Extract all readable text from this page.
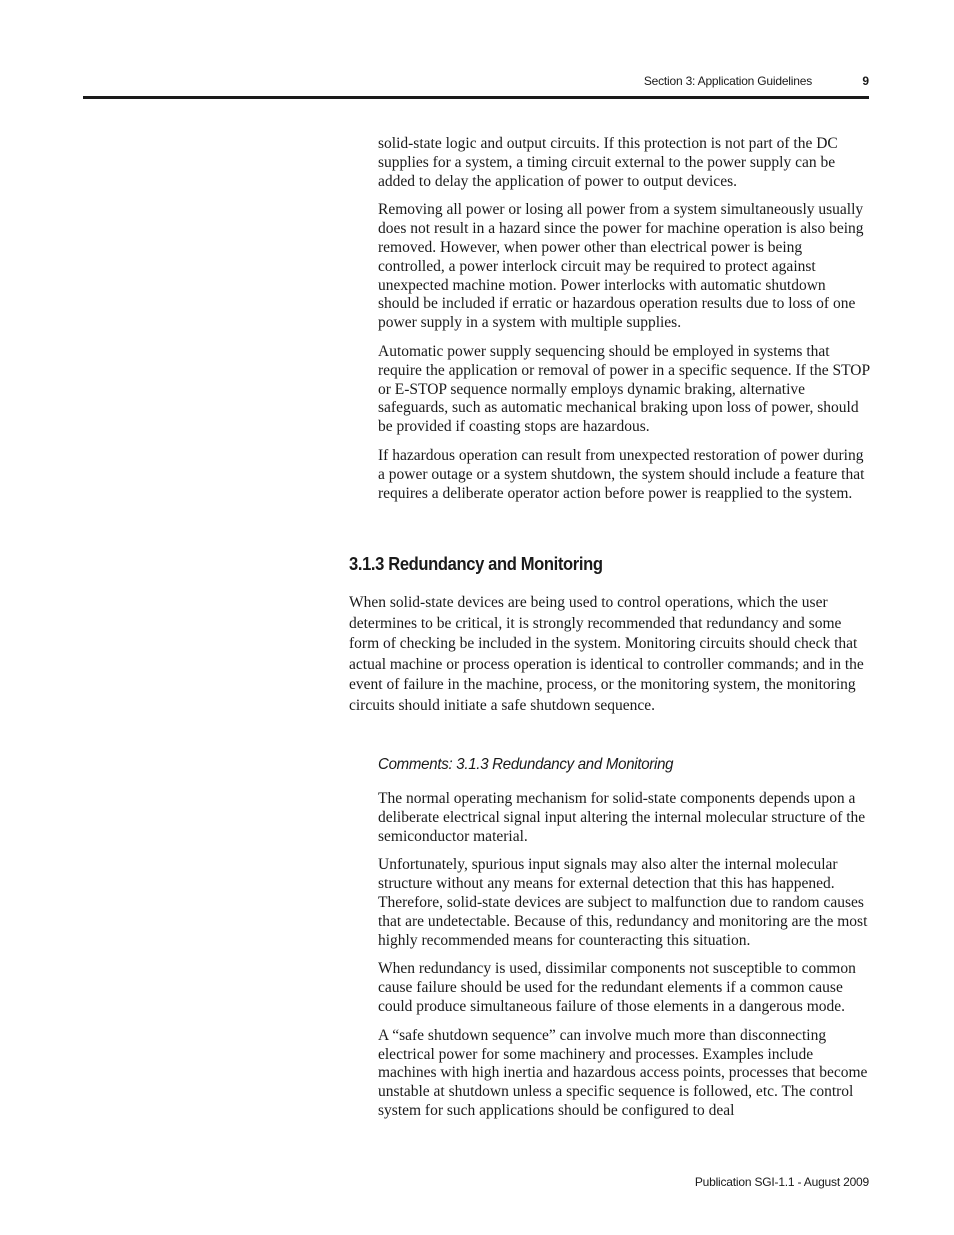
Section 3: Application Guidelines	9

solid-state logic and output circuits. If this protection is not part of the DC supplies for a system, a timing circuit external to the power supply can be added to delay the application of power to output devices.

Removing all power or losing all power from a system simultaneously usually does not result in a hazard since the power for machine operation is also being removed. However, when power other than electrical power is being controlled, a power interlock circuit may be required to protect against unexpected machine motion. Power interlocks with automatic shutdown should be included if erratic or hazardous operation results due to loss of one power supply in a system with multiple supplies.

Automatic power supply sequencing should be employed in systems that require the application or removal of power in a specific sequence. If the STOP or E-STOP sequence normally employs dynamic braking, alternative safeguards, such as automatic mechanical braking upon loss of power, should be provided if coasting stops are hazardous.

If hazardous operation can result from unexpected restoration of power during a power outage or a system shutdown, the system should include a feature that requires a deliberate operator action before power is reapplied to the system.

3.1.3 Redundancy and Monitoring

When solid-state devices are being used to control operations, which the user determines to be critical, it is strongly recommended that redundancy and some form of checking be included in the system. Monitoring circuits should check that actual machine or process operation is identical to controller commands; and in the event of failure in the machine, process, or the monitoring system, the monitoring circuits should initiate a safe shutdown sequence.

Comments: 3.1.3 Redundancy and Monitoring

The normal operating mechanism for solid-state components depends upon a deliberate electrical signal input altering the internal molecular structure of the semiconductor material.

Unfortunately, spurious input signals may also alter the internal molecular structure without any means for external detection that this has happened. Therefore, solid-state devices are subject to malfunction due to random causes that are undetectable. Because of this, redundancy and monitoring are the most highly recommended means for counteracting this situation.

When redundancy is used, dissimilar components not susceptible to common cause failure should be used for the redundant elements if a common cause could produce simultaneous failure of those elements in a dangerous mode.

A “safe shutdown sequence” can involve much more than disconnecting electrical power for some machinery and processes. Examples include machines with high inertia and hazardous access points, processes that become unstable at shutdown unless a specific sequence is followed, etc. The control system for such applications should be configured to deal

Publication SGI-1.1 - August 2009
